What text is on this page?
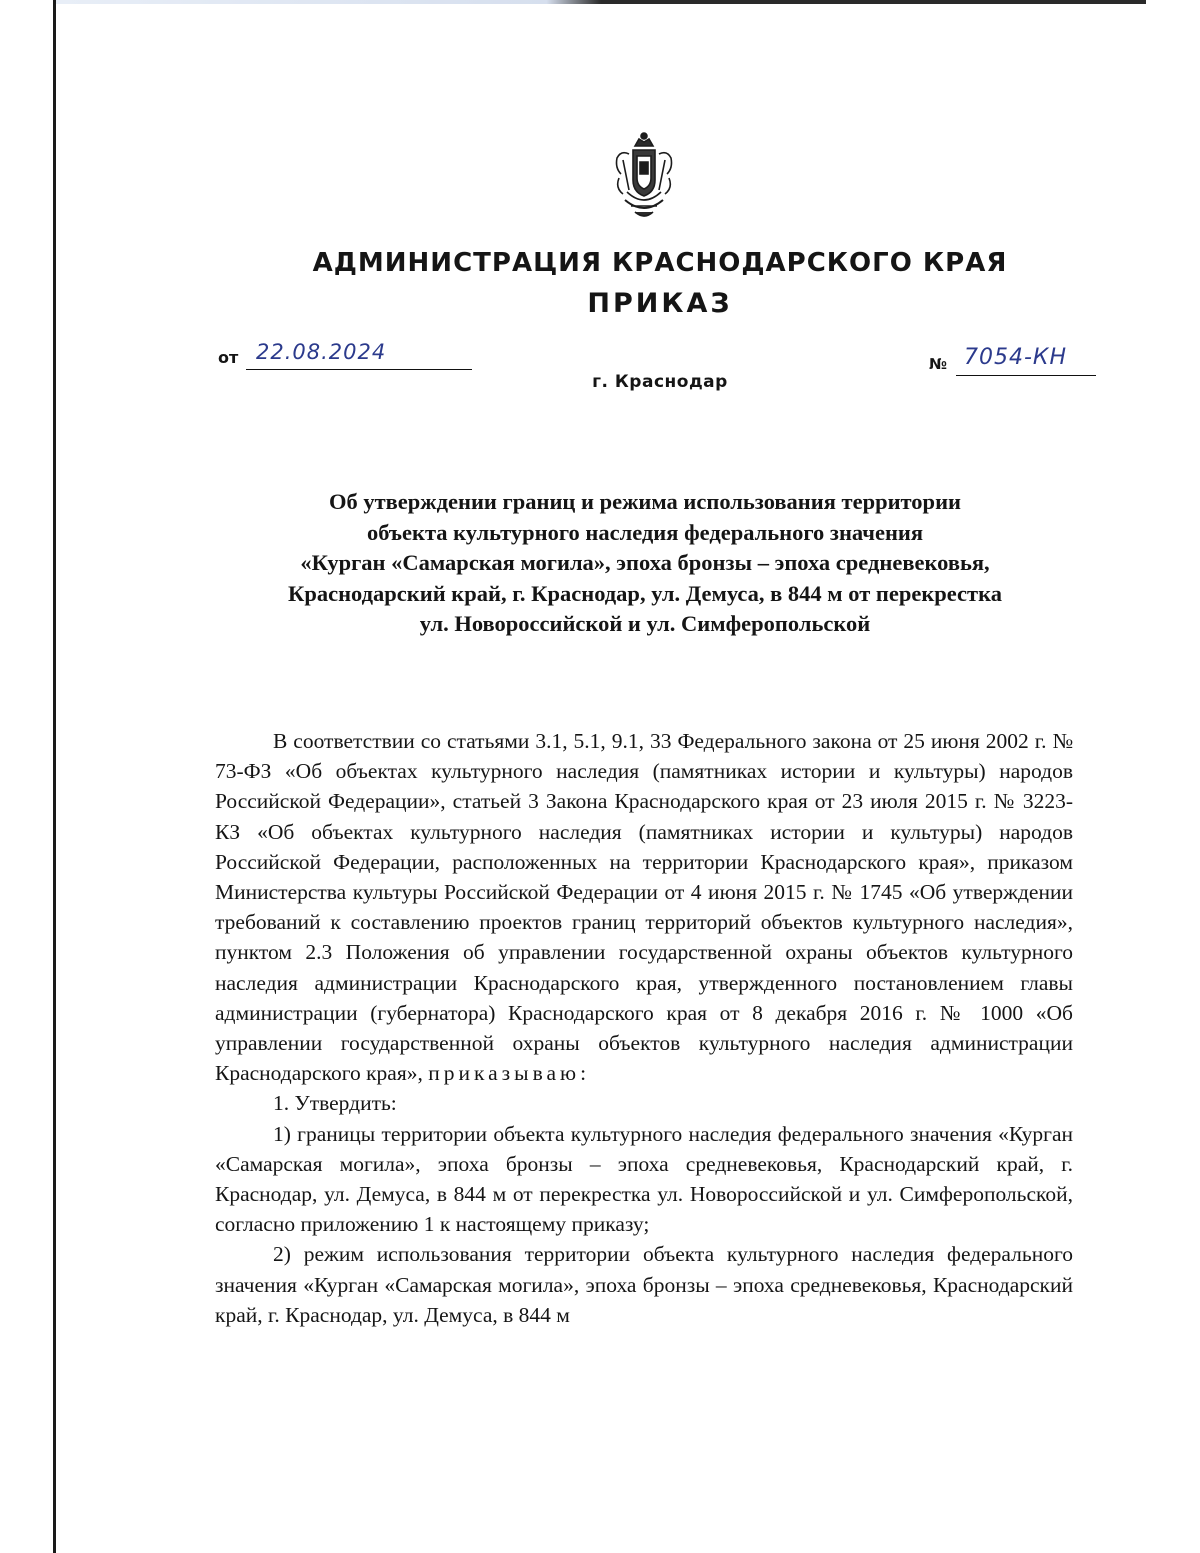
АДМИНИСТРАЦИЯ КРАСНОДАРСКОГО КРАЯ
ПРИКАЗ
от 22.08.2024
г. Краснодар
№ 7054-КН
Об утверждении границ и режима использования территории
объекта культурного наследия федерального значения
«Курган «Самарская могила», эпоха бронзы – эпоха средневековья,
Краснодарский край, г. Краснодар, ул. Демуса, в 844 м от перекрестка
ул. Новороссийской и ул. Симферопольской

В соответствии со статьями 3.1, 5.1, 9.1, 33 Федерального закона от 25 июня 2002 г. № 73-ФЗ «Об объектах культурного наследия (памятниках истории и культуры) народов Российской Федерации», статьей 3 Закона Краснодарского края от 23 июля 2015 г. № 3223-КЗ «Об объектах культурного наследия (памятниках истории и культуры) народов Российской Федерации, расположенных на территории Краснодарского края», приказом Министерства культуры Российской Федерации от 4 июня 2015 г. № 1745 «Об утверждении требований к составлению проектов границ территорий объектов культурного наследия», пунктом 2.3 Положения об управлении государственной охраны объектов культурного наследия администрации Краснодарского края, утвержденного постановлением главы администрации (губернатора) Краснодарского края от 8 декабря 2016 г. № 1000 «Об управлении государственной охраны объектов культурного наследия администрации Краснодарского края», приказываю:

1. Утвердить:

1) границы территории объекта культурного наследия федерального значения «Курган «Самарская могила», эпоха бронзы – эпоха средневековья, Краснодарский край, г. Краснодар, ул. Демуса, в 844 м от перекрестка ул. Новороссийской и ул. Симферопольской, согласно приложению 1 к настоящему приказу;

2) режим использования территории объекта культурного наследия федерального значения «Курган «Самарская могила», эпоха бронзы – эпоха средневековья, Краснодарский край, г. Краснодар, ул. Демуса, в 844 м
